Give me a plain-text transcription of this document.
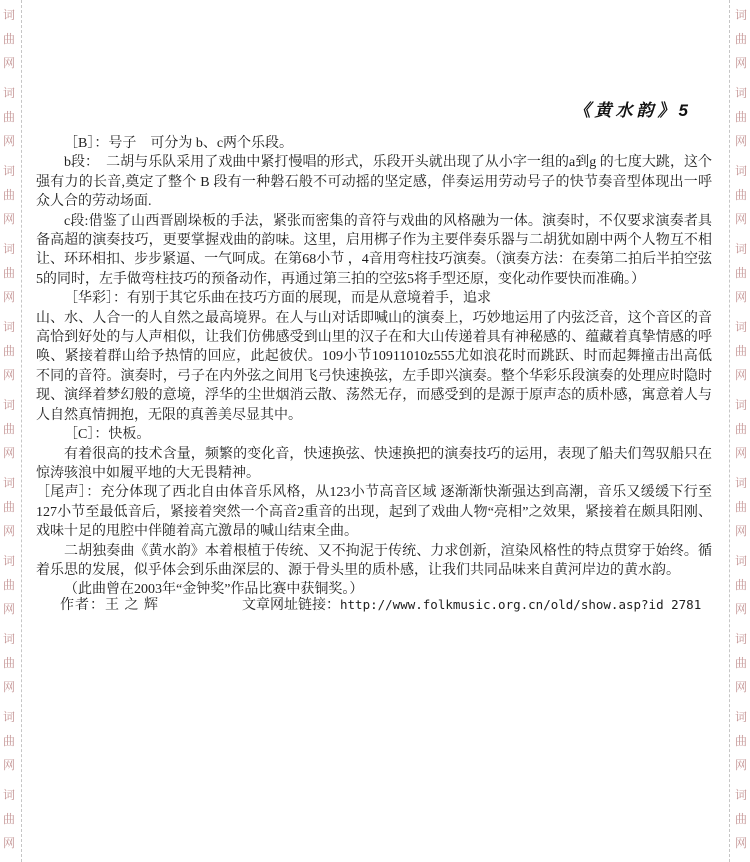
词
曲
网
词
曲
网
词
曲
网
词
曲
网
词
曲
网
词
曲
网
词
曲
网
词
曲
网
词
曲
网
词
曲
网
词
曲
网
词
曲
网
词
曲
网
词
曲
网
词
曲
网
词
曲
网
词
曲
网
词
曲
网
词
曲
网
词
曲
网
词
曲
网
词
曲
网
《黄水韵》5

［B］：号子　可分为 b、c两个乐段。

b段：　二胡与乐队采用了戏曲中紧打慢唱的形式，乐段开头就出现了从小字一组的a到g 的七度大跳，这个强有力的长音,奠定了整个 B 段有一种磐石般不可动摇的坚定感，伴奏运用劳动号子的快节奏音型体现出一呼众人合的劳动场面.

c段:借鉴了山西晋剧垛板的手法，紧张而密集的音符与戏曲的风格融为一体。演奏时，不仅要求演奏者具备高超的演奏技巧，更要掌握戏曲的韵味。这里，启用梆子作为主要伴奏乐器与二胡犹如剧中两个人物互不相让、环环相扣、步步紧逼、一气呵成。在第68小节 ，4音用弯柱技巧演奏。（演奏方法：在奏第二拍后半拍空弦5的同时，左手做弯柱技巧的预备动作，再通过第三拍的空弦5将手型还原，变化动作要快而准确。）

［华彩］：有别于其它乐曲在技巧方面的展现，而是从意境着手，追求

山、水、人合一的人自然之最高境界。在人与山对话即喊山的演奏上，巧妙地运用了内弦泛音，这个音区的音高恰到好处的与人声相似，让我们仿佛感受到山里的汉子在和大山传递着具有神秘感的、蕴藏着真挚情感的呼唤、紧接着群山给予热情的回应，此起彼伏。109小节10911010z555尤如浪花时而跳跃、时而起舞撞击出高低不同的音符。演奏时，弓子在内外弦之间用飞弓快速换弦，左手即兴演奏。整个华彩乐段演奏的处理应时隐时现、演绎着梦幻般的意境，浮华的尘世烟消云散、荡然无存，而感受到的是源于原声态的质朴感，寓意着人与人自然真情拥抱，无限的真善美尽显其中。

［C］：快板。

有着很高的技术含量，频繁的变化音，快速换弦、快速换把的演奏技巧的运用，表现了船夫们驾驭船只在惊涛骇浪中如履平地的大无畏精神。

［尾声］：充分体现了西北自由体音乐风格，从123小节高音区域 逐渐渐快渐强达到高潮，音乐又缓缓下行至127小节至最低音后，紧接着突然一个高音2重音的出现，起到了戏曲人物“亮相”之效果，紧接着在颇具阳刚、戏味十足的甩腔中伴随着高亢激昂的喊山结束全曲。

二胡独奏曲《黄水韵》本着根植于传统、又不拘泥于传统、力求创新，渲染风格性的特点贯穿于始终。循着乐思的发展，似乎体会到乐曲深层的、源于骨头里的质朴感，让我们共同品味来自黄河岸边的黄水韵。

（此曲曾在2003年“金钟奖”作品比赛中获铜奖。）

作者：王 之 辉	文章网址链接：http://www.folkmusic.org.cn/old/show.asp?id 2781
